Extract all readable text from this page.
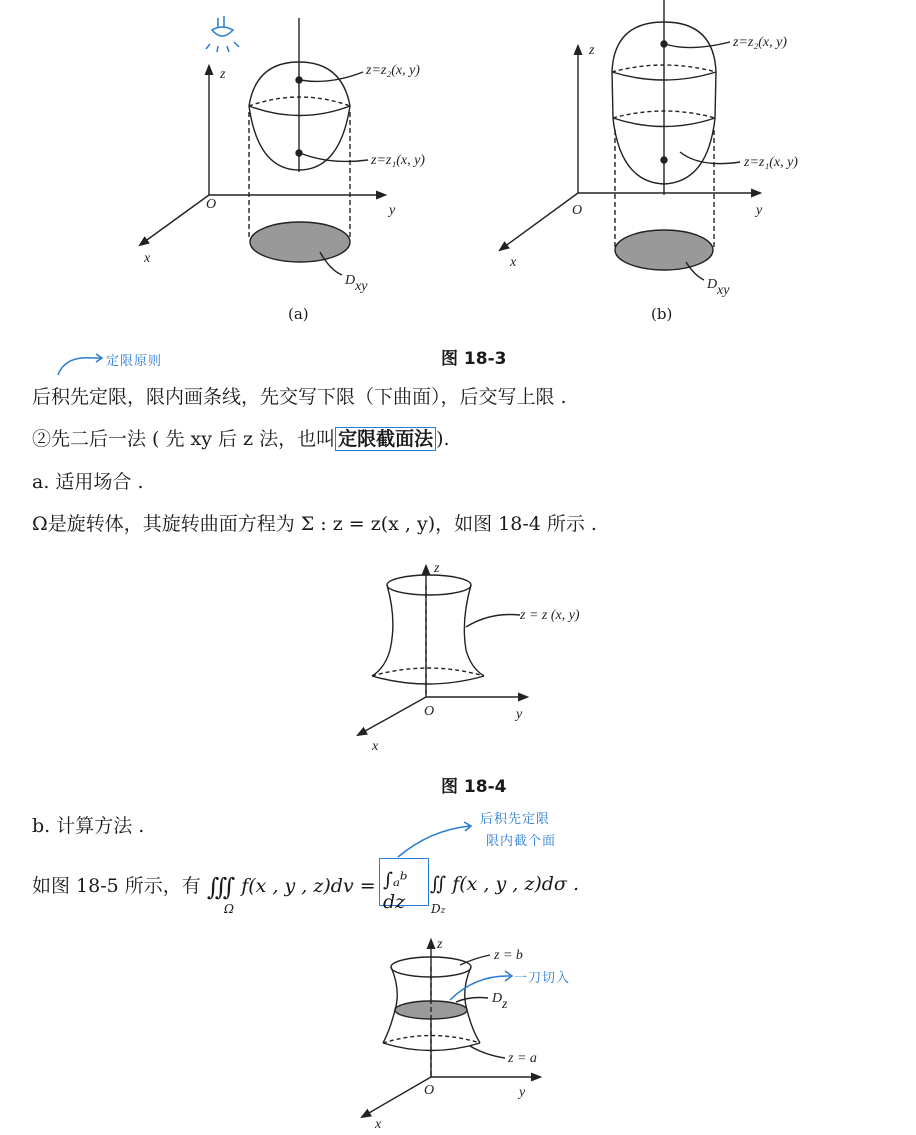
z
y
x
O
z=z₂(x, y)
z=z₁(x, y)
D xy
z
y
x
O
z=z₂(x, y)
z=z₁(x, y)
D xy
z
y
x
O
z = z (x, y)
z
y
x
O
z = b
z = a
D z
(a)	(b)
图 18-3
定限原则
后积先定限，限内画条线，先交写下限（下曲面），后交写上限 .
②先二后一法 ( 先 xy 后 z 法，也叫 定限截面法 ).
a. 适用场合 .
Ω是旋转体，其旋转曲面方程为 Σ : z = z(x , y)，如图 18-4 所示 .
图 18-4
b. 计算方法 .	后积先定限
限内截个面
如图 18-5 所示，有 ∭ f(x , y , z)dv =
Ω
∫ₐᵇ dz
∬ f(x , y , z)dσ .
Dz
一刀切入
